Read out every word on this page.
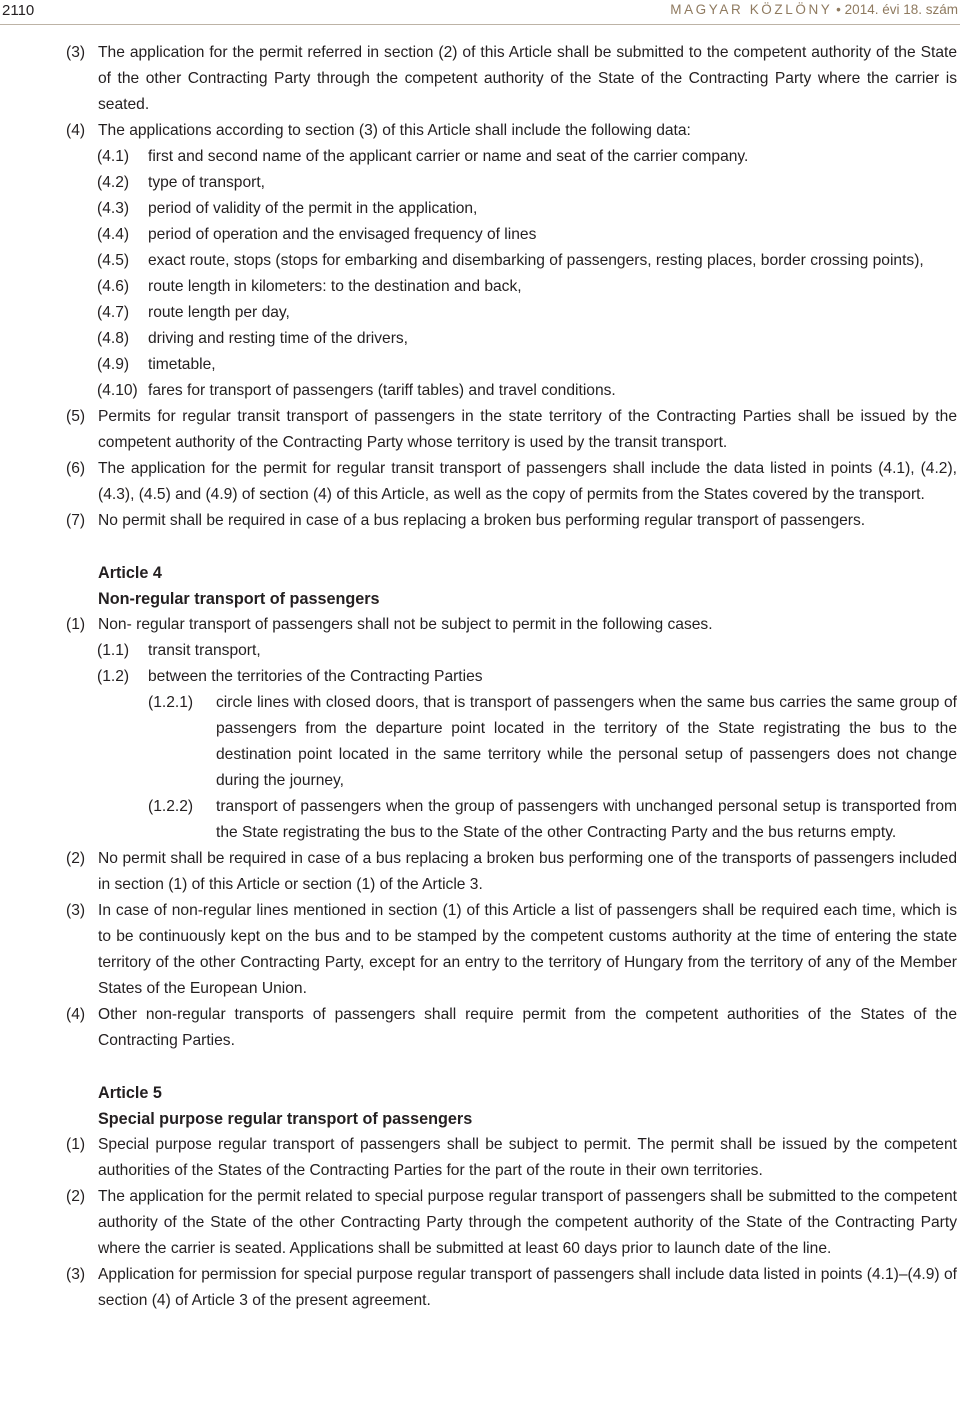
2110	MAGYAR KÖZLÖNY • 2014. évi 18. szám
(3) The application for the permit referred in section (2) of this Article shall be submitted to the competent authority of the State of the other Contracting Party through the competent authority of the State of the Contracting Party where the carrier is seated.
(4) The applications according to section (3) of this Article shall include the following data:
(4.1) first and second name of the applicant carrier or name and seat of the carrier company.
(4.2) type of transport,
(4.3) period of validity of the permit in the application,
(4.4) period of operation and the envisaged frequency of lines
(4.5) exact route, stops (stops for embarking and disembarking of passengers, resting places, border crossing points),
(4.6) route length in kilometers: to the destination and back,
(4.7) route length per day,
(4.8) driving and resting time of the drivers,
(4.9) timetable,
(4.10) fares for transport of passengers (tariff tables) and travel conditions.
(5) Permits for regular transit transport of passengers in the state territory of the Contracting Parties shall be issued by the competent authority of the Contracting Party whose territory is used by the transit transport.
(6) The application for the permit for regular transit transport of passengers shall include the data listed in points (4.1), (4.2), (4.3), (4.5) and (4.9) of section (4) of this Article, as well as the copy of permits from the States covered by the transport.
(7) No permit shall be required in case of a bus replacing a broken bus performing regular transport of passengers.
Article 4
Non-regular transport of passengers
(1) Non- regular transport of passengers shall not be subject to permit in the following cases.
(1.1) transit transport,
(1.2) between the territories of the Contracting Parties
(1.2.1) circle lines with closed doors, that is transport of passengers when the same bus carries the same group of passengers from the departure point located in the territory of the State registrating the bus to the destination point located in the same territory while the personal setup of passengers does not change during the journey,
(1.2.2) transport of passengers when the group of passengers with unchanged personal setup is transported from the State registrating the bus to the State of the other Contracting Party and the bus returns empty.
(2) No permit shall be required in case of a bus replacing a broken bus performing one of the transports of passengers included in section (1) of this Article or section (1) of the Article 3.
(3) In case of non-regular lines mentioned in section (1) of this Article a list of passengers shall be required each time, which is to be continuously kept on the bus and to be stamped by the competent customs authority at the time of entering the state territory of the other Contracting Party, except for an entry to the territory of Hungary from the territory of any of the Member States of the European Union.
(4) Other non-regular transports of passengers shall require permit from the competent authorities of the States of the Contracting Parties.
Article 5
Special purpose regular transport of passengers
(1) Special purpose regular transport of passengers shall be subject to permit. The permit shall be issued by the competent authorities of the States of the Contracting Parties for the part of the route in their own territories.
(2) The application for the permit related to special purpose regular transport of passengers shall be submitted to the competent authority of the State of the other Contracting Party through the competent authority of the State of the Contracting Party where the carrier is seated. Applications shall be submitted at least 60 days prior to launch date of the line.
(3) Application for permission for special purpose regular transport of passengers shall include data listed in points (4.1)–(4.9) of section (4) of Article 3 of the present agreement.
